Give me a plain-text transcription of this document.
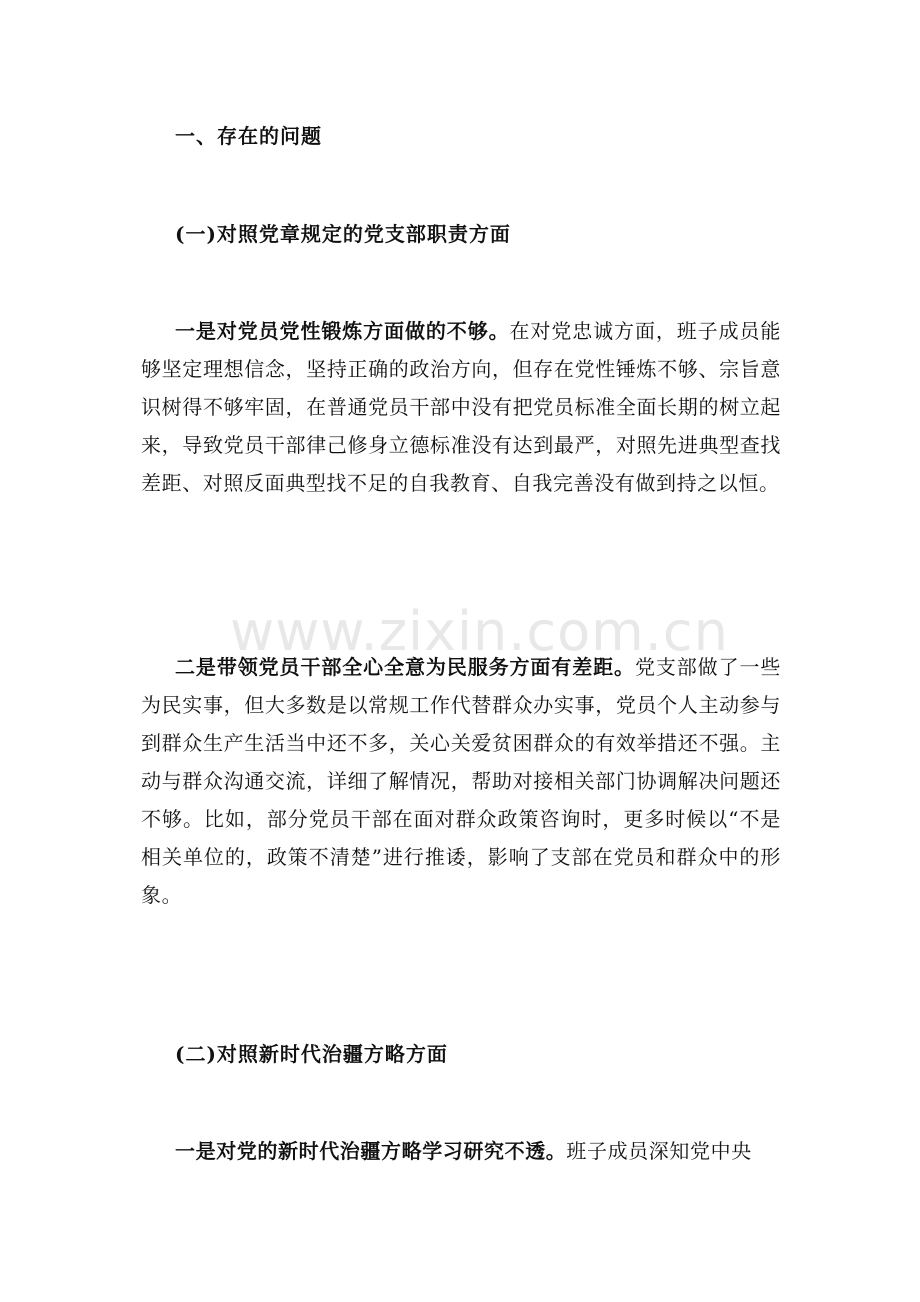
www.zixin.com.cn
一、存在的问题
(一)对照党章规定的党支部职责方面
一是对党员党性锻炼方面做的不够。在对党忠诚方面，班子成员能够坚定理想信念，坚持正确的政治方向，但存在党性锤炼不够、宗旨意识树得不够牢固，在普通党员干部中没有把党员标准全面长期的树立起来，导致党员干部律己修身立德标准没有达到最严，对照先进典型查找差距、对照反面典型找不足的自我教育、自我完善没有做到持之以恒。
二是带领党员干部全心全意为民服务方面有差距。党支部做了一些为民实事，但大多数是以常规工作代替群众办实事，党员个人主动参与到群众生产生活当中还不多，关心关爱贫困群众的有效举措还不强。主动与群众沟通交流，详细了解情况，帮助对接相关部门协调解决问题还不够。比如，部分党员干部在面对群众政策咨询时，更多时候以“不是相关单位的，政策不清楚”进行推诿，影响了支部在党员和群众中的形象。
(二)对照新时代治疆方略方面
一是对党的新时代治疆方略学习研究不透。班子成员深知党中央
